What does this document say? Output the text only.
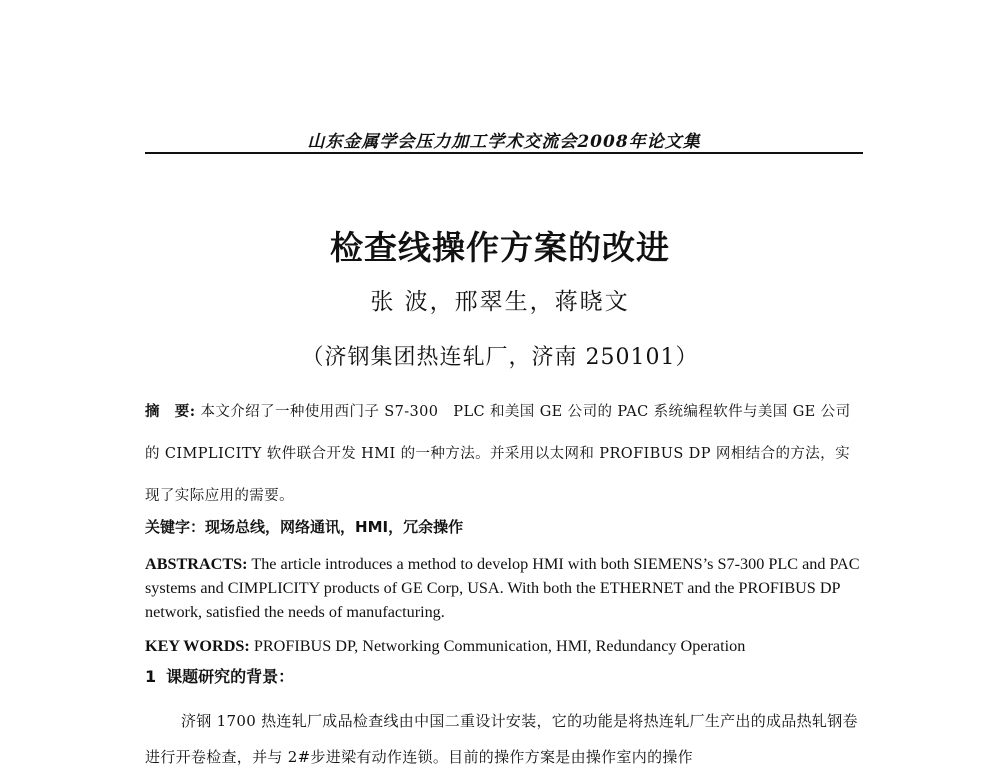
山东金属学会压力加工学术交流会2008年论文集
检查线操作方案的改进
张 波，邢翠生，蒋晓文
（济钢集团热连轧厂，济南 250101）
摘　要: 本文介绍了一种使用西门子 S7-300　PLC 和美国 GE 公司的 PAC 系统编程软件与美国 GE 公司的 CIMPLICITY 软件联合开发 HMI 的一种方法。并采用以太网和 PROFIBUS DP 网相结合的方法，实现了实际应用的需要。
关键字：现场总线，网络通讯，HMI，冗余操作
ABSTRACTS: The article introduces a method to develop HMI with both SIEMENS’s S7-300 PLC and PAC systems and CIMPLICITY products of GE Corp, USA. With both the ETHERNET and the PROFIBUS DP network, satisfied the needs of manufacturing.
KEY WORDS: PROFIBUS DP, Networking Communication, HMI, Redundancy Operation
1 课题研究的背景：
济钢 1700 热连轧厂成品检查线由中国二重设计安装，它的功能是将热连轧厂生产出的成品热轧钢卷进行开卷检查，并与 2#步进梁有动作连锁。目前的操作方案是由操作室内的操作
